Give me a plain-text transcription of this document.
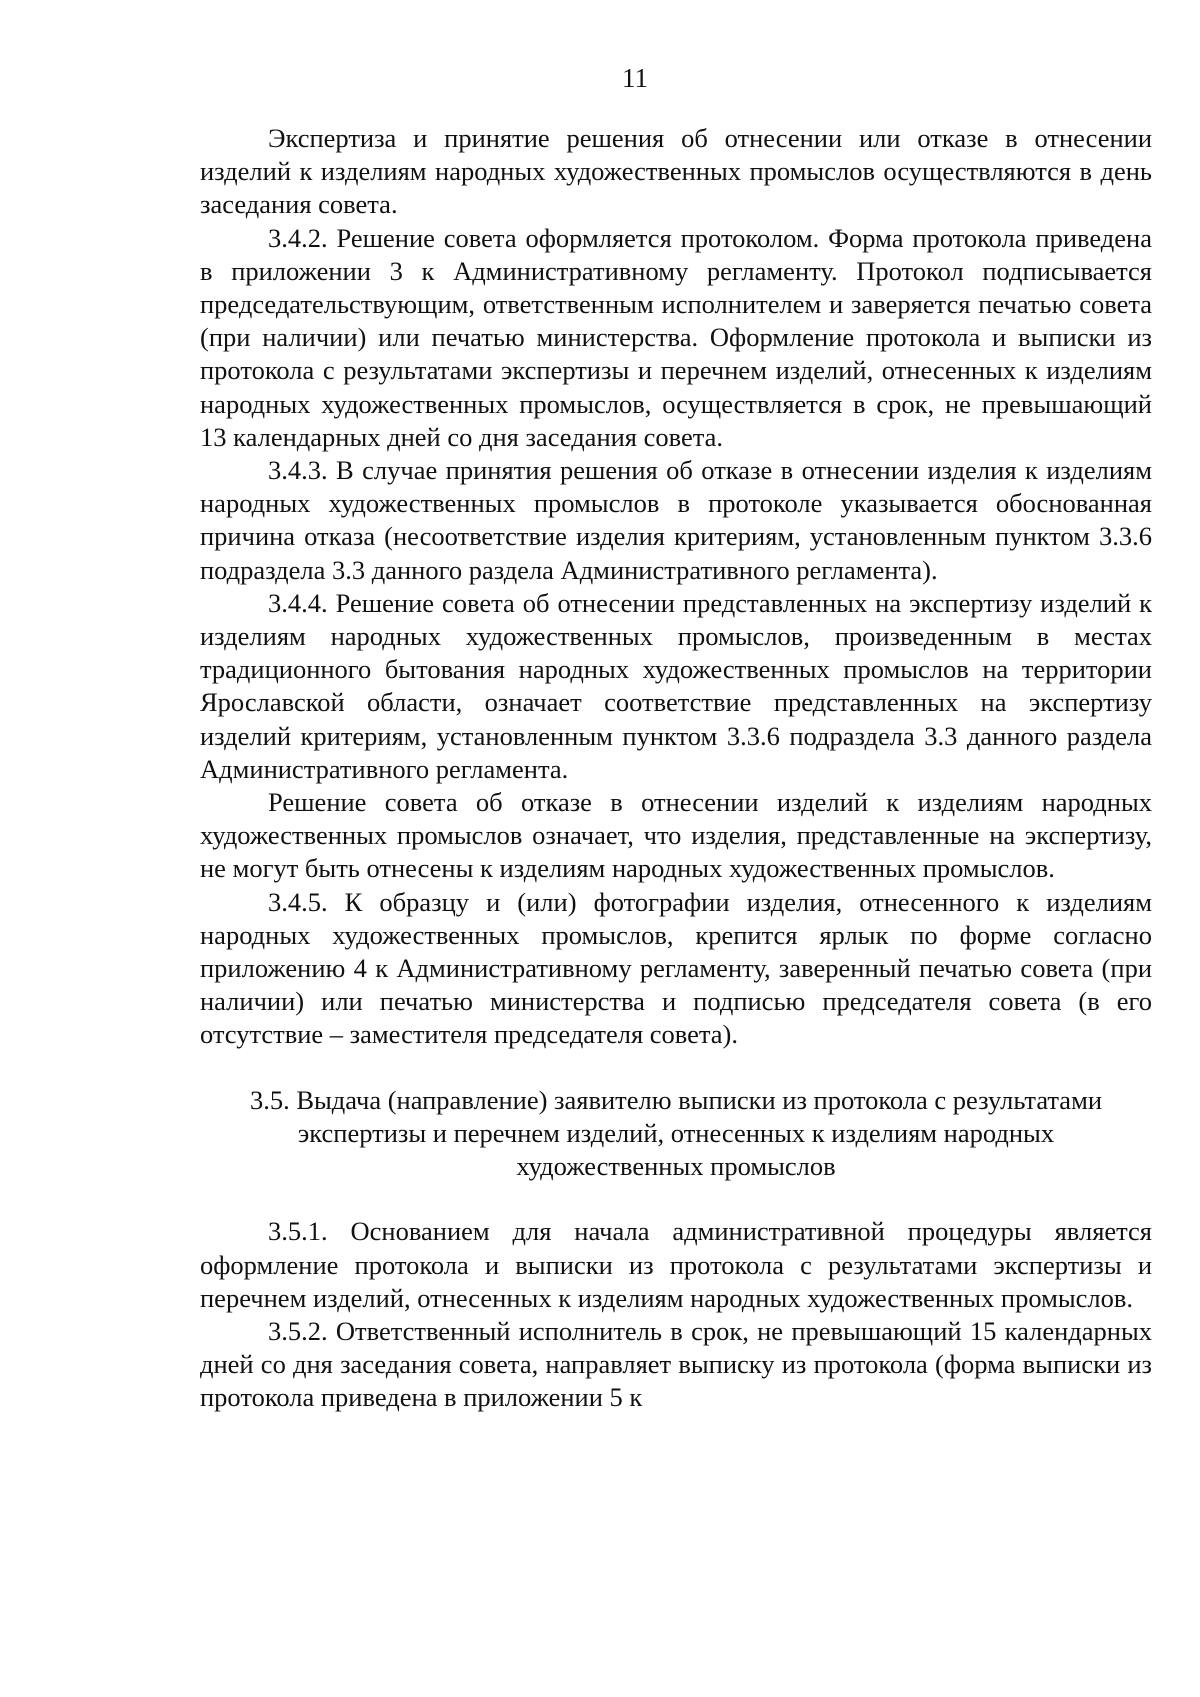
11

Экспертиза и принятие решения об отнесении или отказе в отнесении изделий к изделиям народных художественных промыслов осуществляются в день заседания совета.

3.4.2. Решение совета оформляется протоколом. Форма протокола приведена в приложении 3 к Административному регламенту. Протокол подписывается председательствующим, ответственным исполнителем и заверяется печатью совета (при наличии) или печатью министерства. Оформление протокола и выписки из протокола с результатами экспертизы и перечнем изделий, отнесенных к изделиям народных художественных промыслов, осуществляется в срок, не превышающий 13 календарных дней со дня заседания совета.

3.4.3. В случае принятия решения об отказе в отнесении изделия к изделиям народных художественных промыслов в протоколе указывается обоснованная причина отказа (несоответствие изделия критериям, установленным пунктом 3.3.6 подраздела 3.3 данного раздела Административного регламента).

3.4.4. Решение совета об отнесении представленных на экспертизу изделий к изделиям народных художественных промыслов, произведенным в местах традиционного бытования народных художественных промыслов на территории Ярославской области, означает соответствие представленных на экспертизу изделий критериям, установленным пунктом 3.3.6 подраздела 3.3 данного раздела Административного регламента.

Решение совета об отказе в отнесении изделий к изделиям народных художественных промыслов означает, что изделия, представленные на экспертизу, не могут быть отнесены к изделиям народных художественных промыслов.

3.4.5. К образцу и (или) фотографии изделия, отнесенного к изделиям народных художественных промыслов, крепится ярлык по форме согласно приложению 4 к Административному регламенту, заверенный печатью совета (при наличии) или печатью министерства и подписью председателя совета (в его отсутствие – заместителя председателя совета).

3.5. Выдача (направление) заявителю выписки из протокола с результатами экспертизы и перечнем изделий, отнесенных к изделиям народных художественных промыслов

3.5.1. Основанием для начала административной процедуры является оформление протокола и выписки из протокола с результатами экспертизы и перечнем изделий, отнесенных к изделиям народных художественных промыслов.

3.5.2. Ответственный исполнитель в срок, не превышающий 15 календарных дней со дня заседания совета, направляет выписку из протокола (форма выписки из протокола приведена в приложении 5 к
